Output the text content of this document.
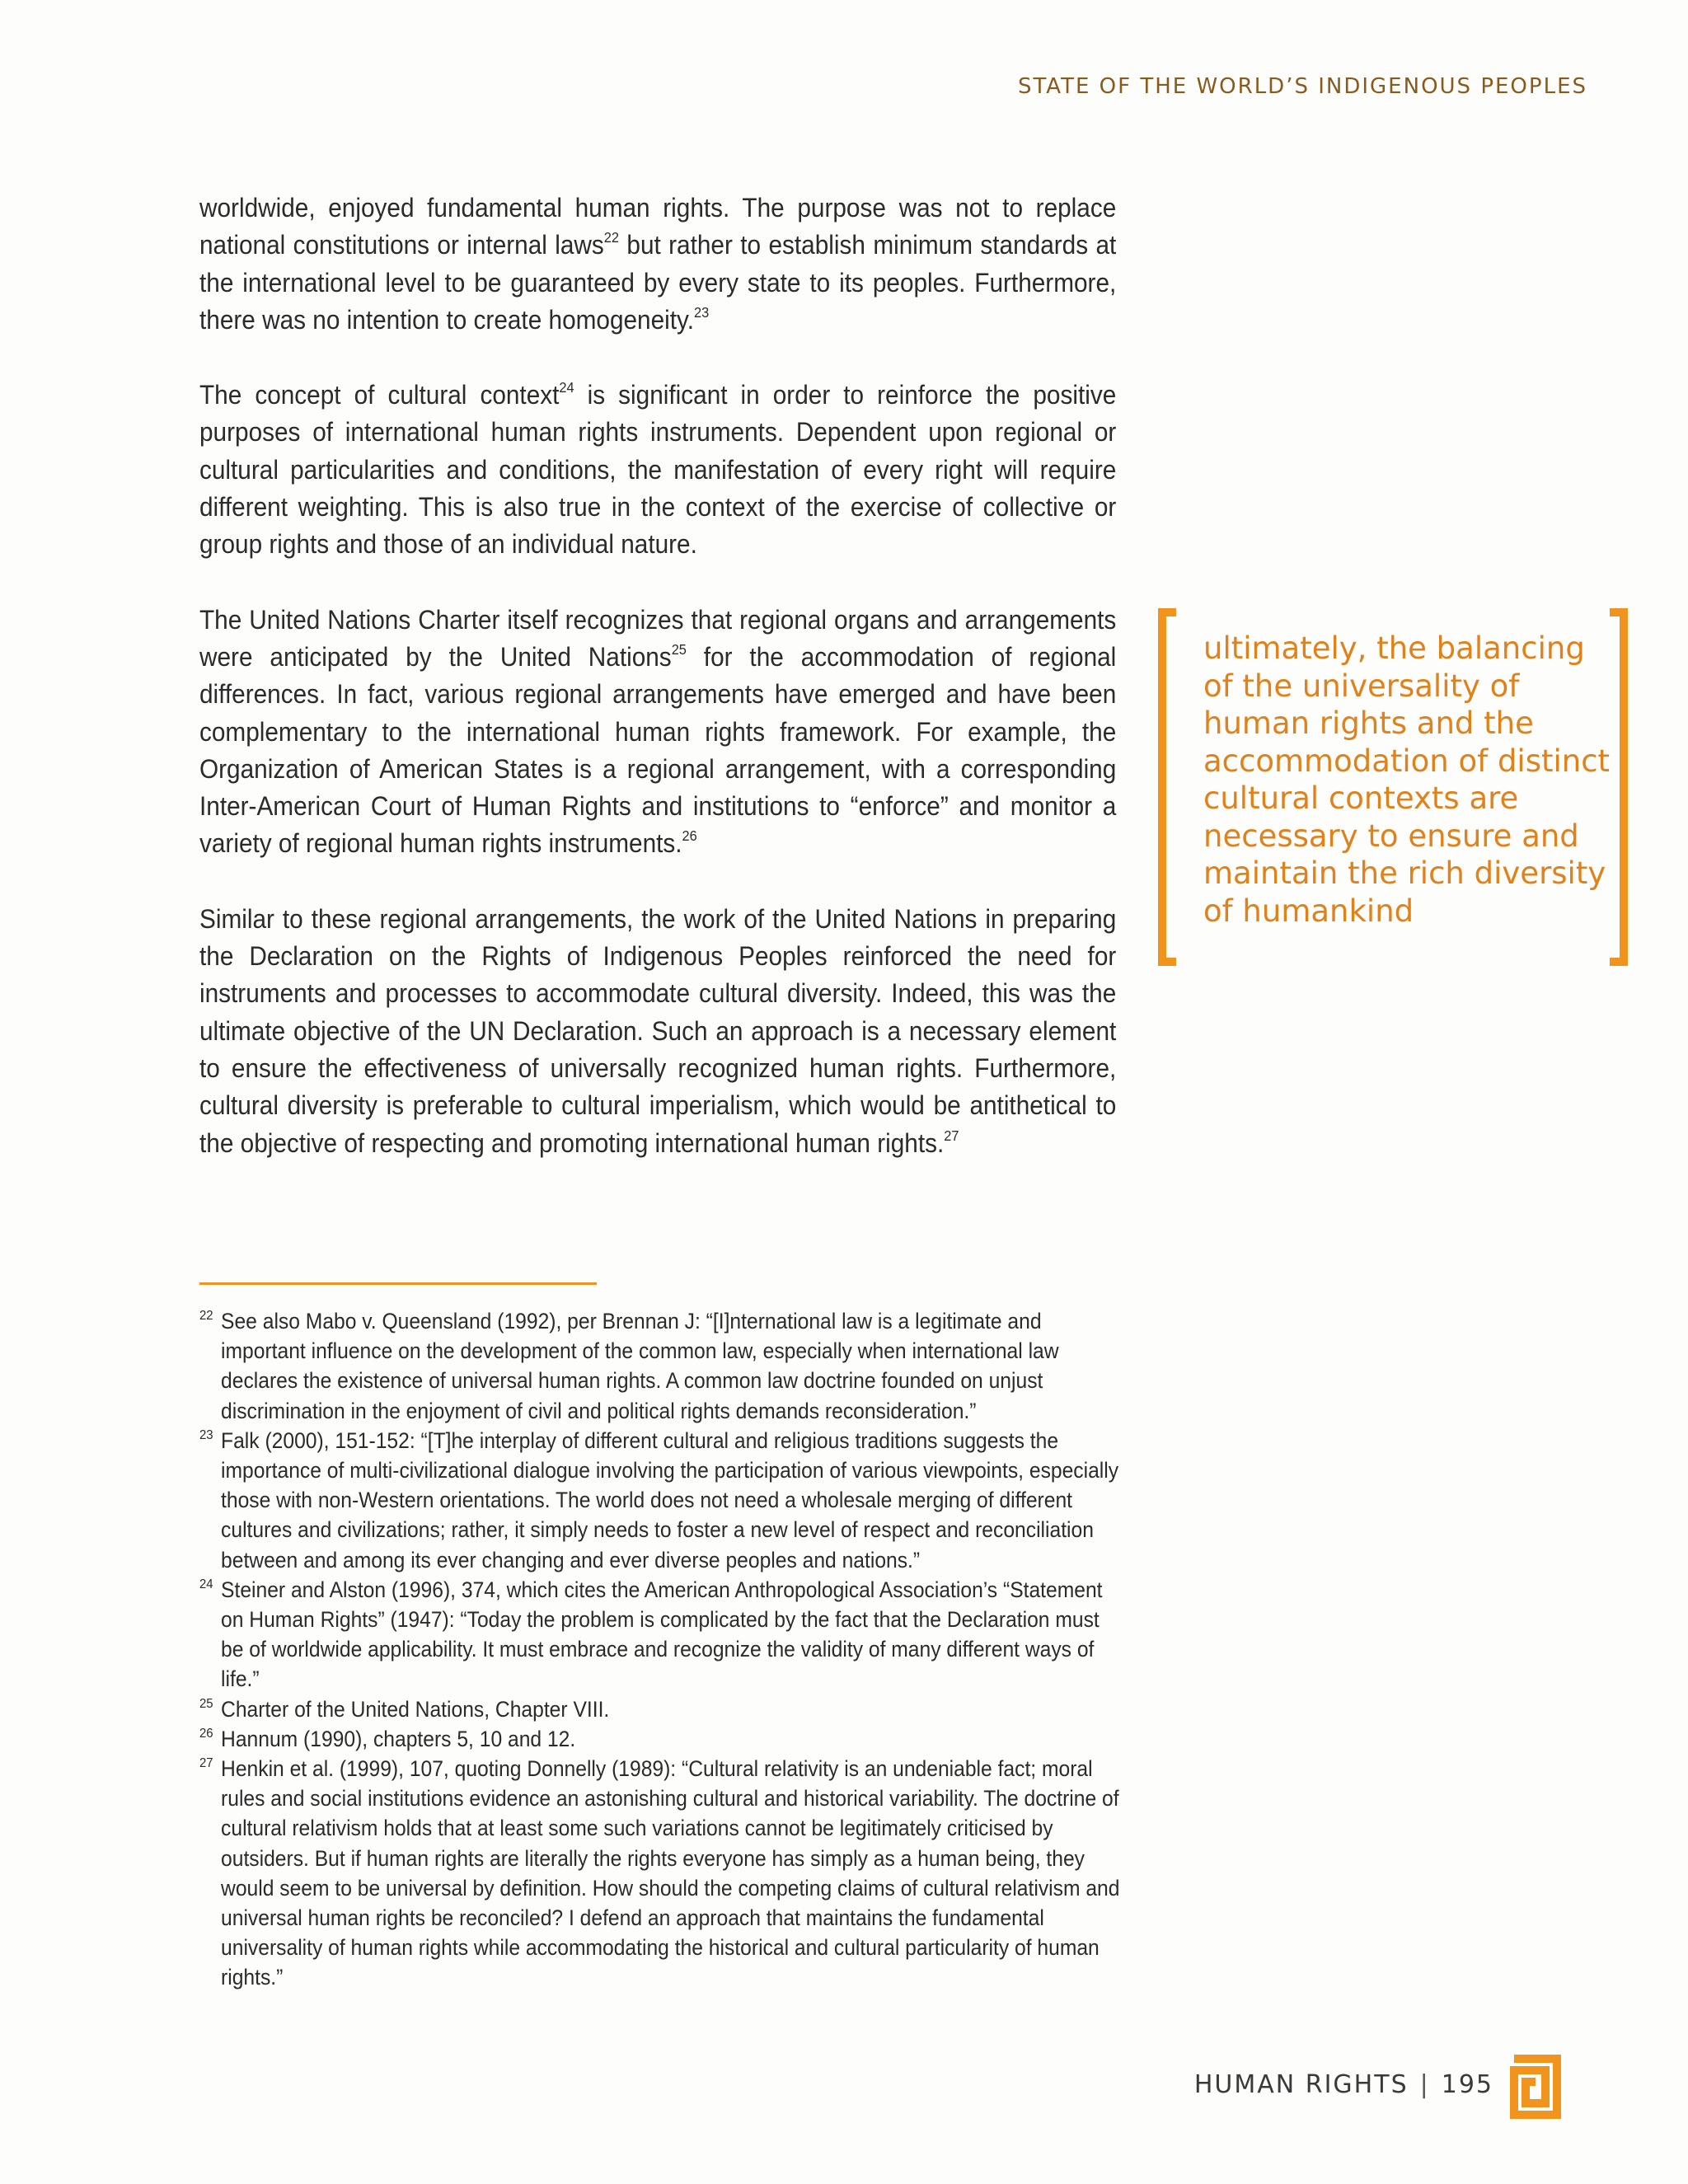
STATE OF THE WORLD’S INDIGENOUS PEOPLES

worldwide, enjoyed fundamental human rights. The purpose was not to replace national constitutions or internal laws$^{22}$ but rather to establish minimum standards at the international level to be guaranteed by every state to its peoples. Furthermore, there was no intention to create homogeneity.$^{23}$

The concept of cultural context$^{24}$ is significant in order to reinforce the positive purposes of international human rights instruments. Dependent upon regional or cultural particularities and conditions, the manifestation of every right will require different weighting. This is also true in the context of the exercise of collective or group rights and those of an individual nature.

The United Nations Charter itself recognizes that regional organs and arrangements were anticipated by the United Nations$^{25}$ for the accommodation of regional differences. In fact, various regional arrangements have emerged and have been complementary to the international human rights framework. For example, the Organization of American States is a regional arrangement, with a corresponding Inter-American Court of Human Rights and institutions to “enforce” and monitor a variety of regional human rights instruments.$^{26}$

Similar to these regional arrangements, the work of the United Nations in preparing the Declaration on the Rights of Indigenous Peoples reinforced the need for instruments and processes to accommodate cultural diversity. Indeed, this was the ultimate objective of the UN Declaration. Such an approach is a necessary element to ensure the effectiveness of universally recognized human rights. Furthermore, cultural diversity is preferable to cultural imperialism, which would be antithetical to the objective of respecting and promoting international human rights.$^{27}$

ultimately, the balancing of the universality of human rights and the accommodation of distinct cultural contexts are necessary to ensure and maintain the rich diversity of humankind
22 See also Mabo v. Queensland (1992), per Brennan J: “[I]nternational law is a legitimate and important influence on the development of the common law, especially when international law declares the existence of universal human rights. A common law doctrine founded on unjust discrimination in the enjoyment of civil and political rights demands reconsideration.”
23 Falk (2000), 151-152: “[T]he interplay of different cultural and religious traditions suggests the importance of multi-civilizational dialogue involving the participation of various viewpoints, especially those with non-Western orientations. The world does not need a wholesale merging of different cultures and civilizations; rather, it simply needs to foster a new level of respect and reconciliation between and among its ever changing and ever diverse peoples and nations.”
24 Steiner and Alston (1996), 374, which cites the American Anthropological Association’s “Statement on Human Rights” (1947): “Today the problem is complicated by the fact that the Declaration must be of worldwide applicability. It must embrace and recognize the validity of many different ways of life.”
25 Charter of the United Nations, Chapter VIII.
26 Hannum (1990), chapters 5, 10 and 12.
27 Henkin et al. (1999), 107, quoting Donnelly (1989): “Cultural relativity is an undeniable fact; moral rules and social institutions evidence an astonishing cultural and historical variability. The doctrine of cultural relativism holds that at least some such variations cannot be legitimately criticised by outsiders. But if human rights are literally the rights everyone has simply as a human being, they would seem to be universal by definition. How should the competing claims of cultural relativism and universal human rights be reconciled? I defend an approach that maintains the fundamental universality of human rights while accommodating the historical and cultural particularity of human rights.”
HUMAN RIGHTS | 195
